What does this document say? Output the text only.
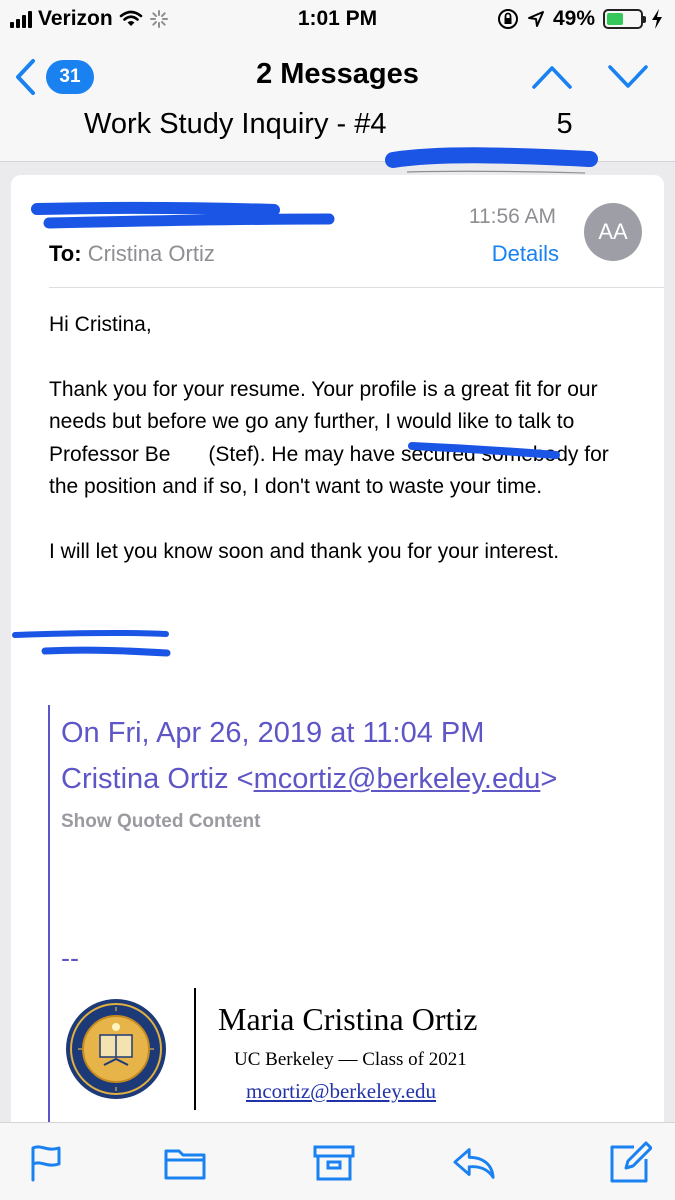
Verizon	1:01 PM	49%
31	2 Messages
Work Study Inquiry - #4	5
11:56 AM
AA
To: Cristina Ortiz	Details

Hi Cristina,

Thank you for your resume. Your profile is a great fit for our needs but before we go any further, I would like to talk to Professor Be (Stef). He may have secured somebody for the position and if so, I don't want to waste your time.

I will let you know soon and thank you for your interest.

On Fri, Apr 26, 2019 at 11:04 PM
Cristina Ortiz <mcortiz@berkeley.edu>
Show Quoted Content
--
Maria Cristina Ortiz
UC Berkeley — Class of 2021
mcortiz@berkeley.edu
